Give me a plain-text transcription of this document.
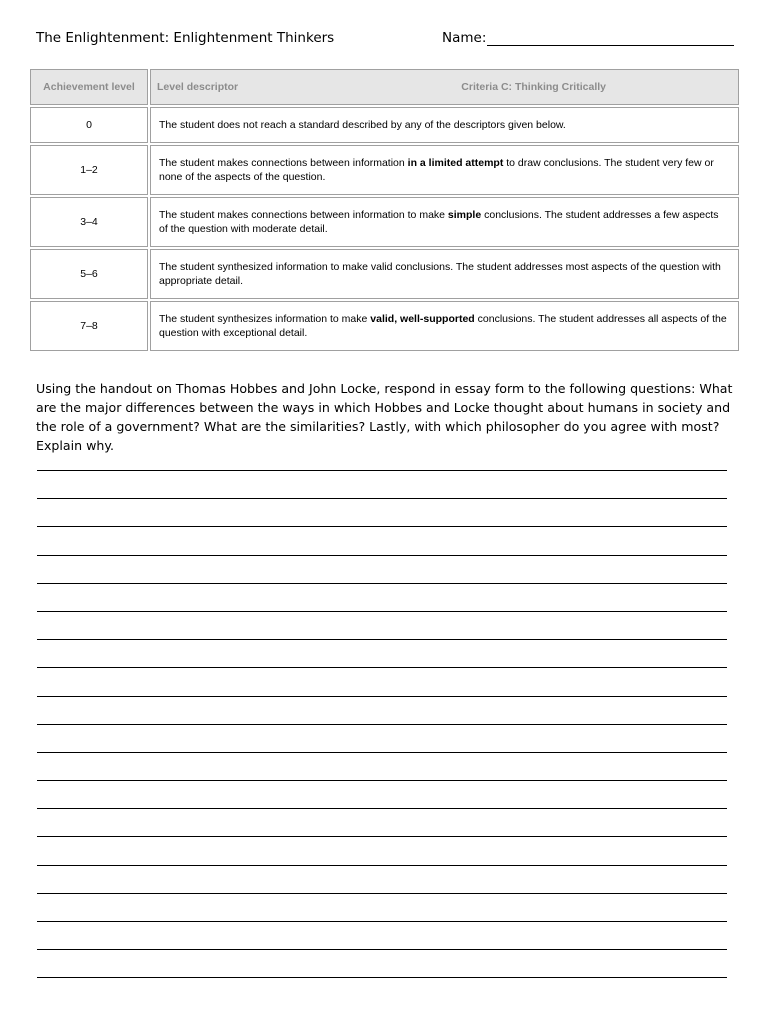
The Enlightenment: Enlightenment Thinkers	Name:
Achievement level	Level descriptor Criteria C: Thinking Critically

0	The student does not reach a standard described by any of the descriptors given below.
1–2	The student makes connections between information in a limited attempt to draw conclusions. The student very few or none of the aspects of the question.
3–4	The student makes connections between information to make simple conclusions. The student addresses a few aspects of the question with moderate detail.
5–6	The student synthesized information to make valid conclusions. The student addresses most aspects of the question with appropriate detail.
7–8	The student synthesizes information to make valid, well-supported conclusions. The student addresses all aspects of the question with exceptional detail.
Using the handout on Thomas Hobbes and John Locke, respond in essay form to the following questions: What are the major differences between the ways in which Hobbes and Locke thought about humans in society and the role of a government? What are the similarities? Lastly, with which philosopher do you agree with most? Explain why.
